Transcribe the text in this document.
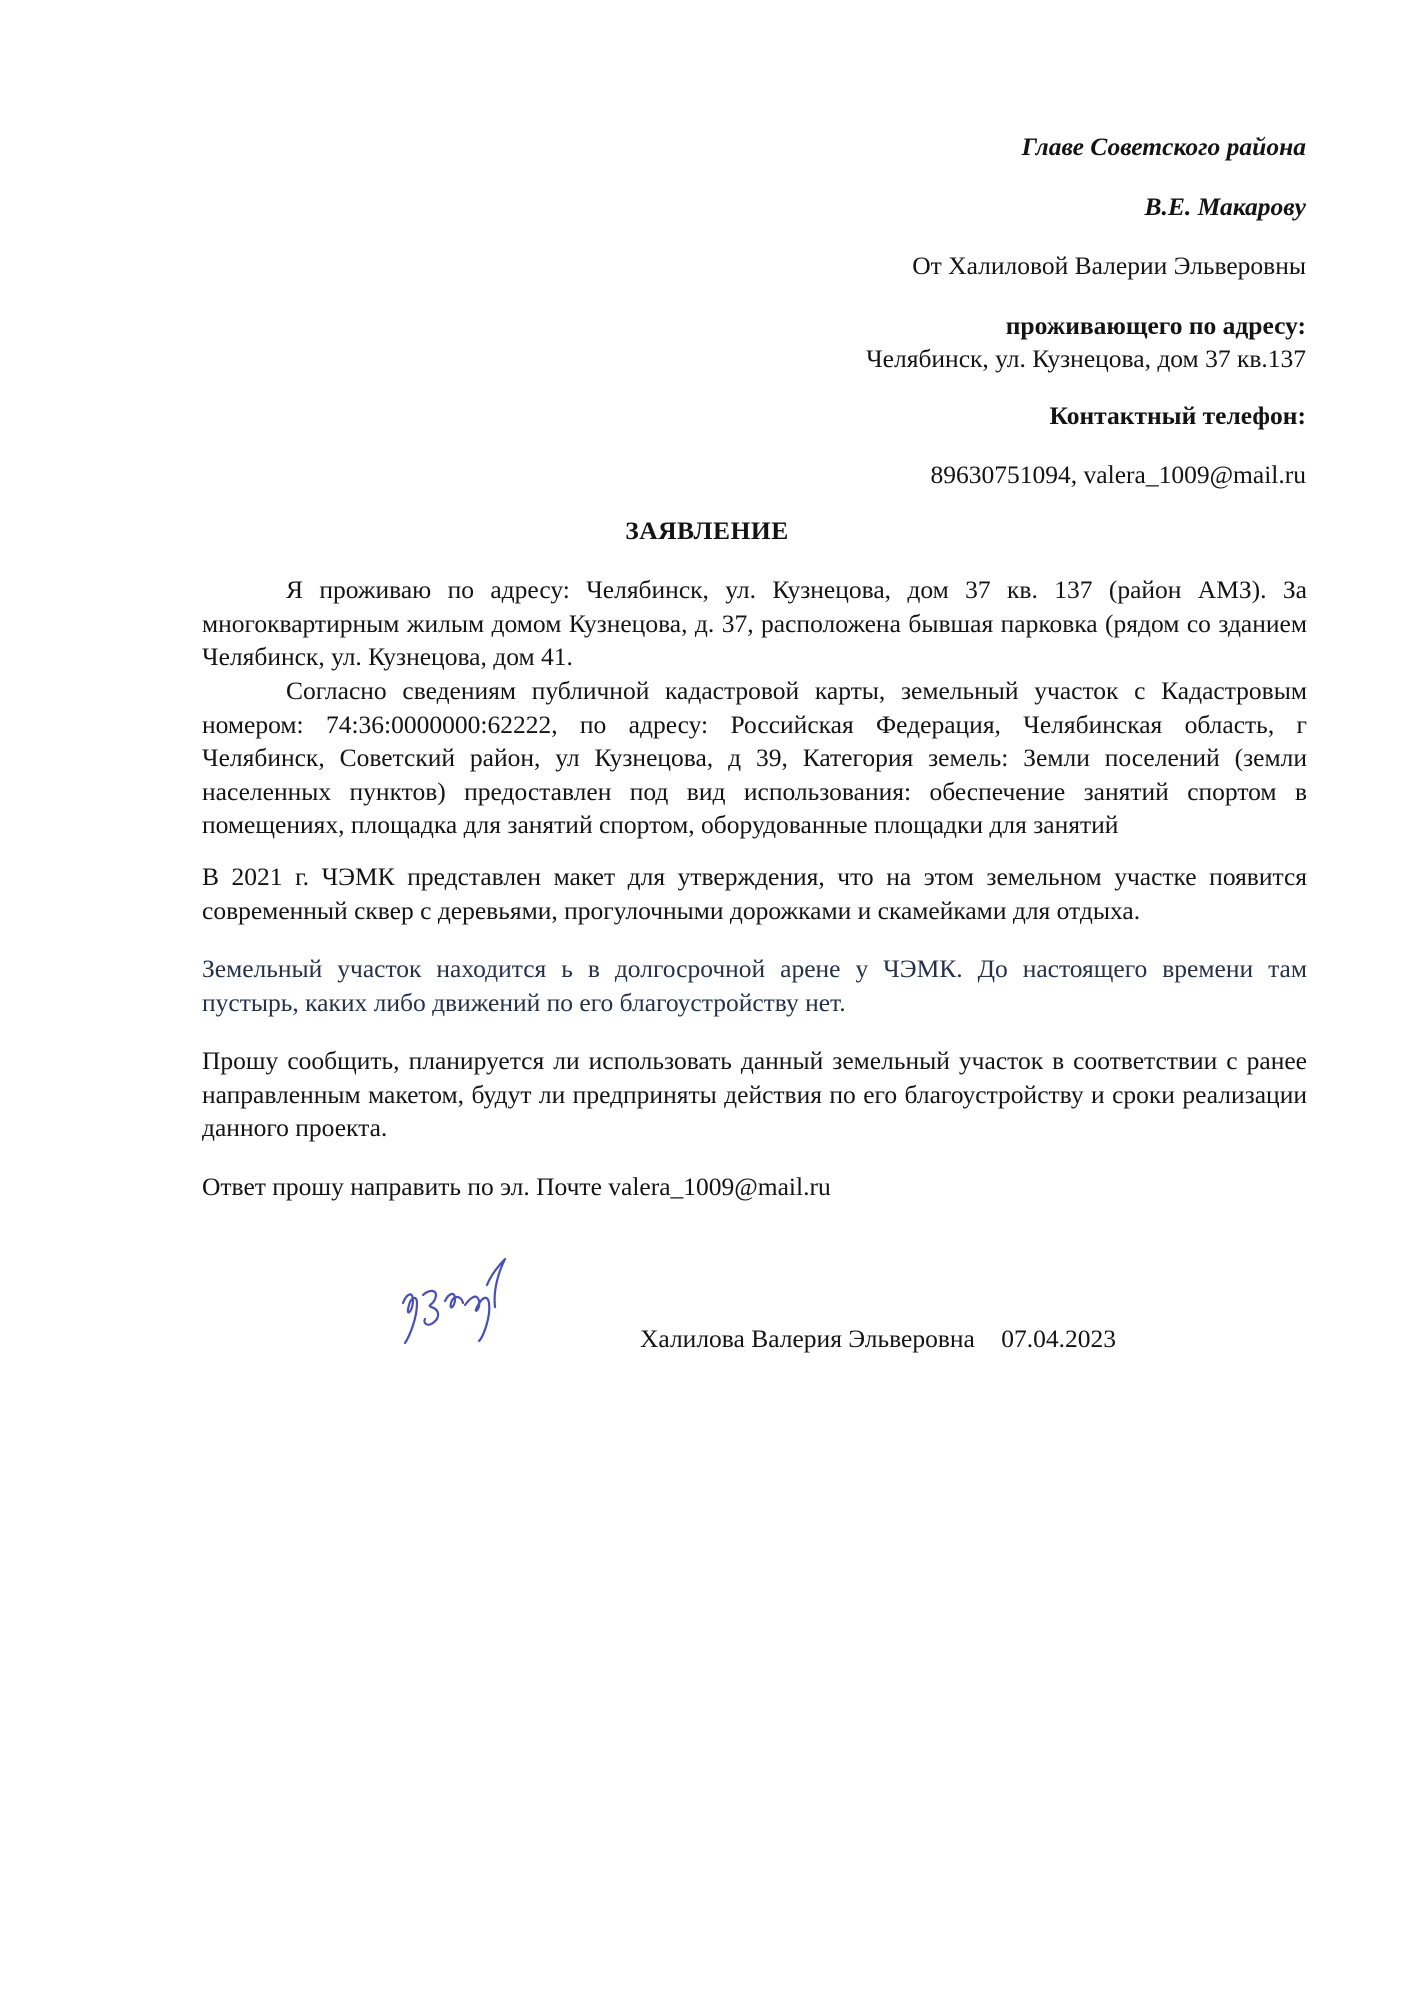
Главе Советского района
В.Е. Макарову
От Халиловой Валерии Эльверовны
проживающего по адресу:
Челябинск, ул. Кузнецова, дом 37 кв.137
Контактный телефон:
89630751094, valera_1009@mail.ru
ЗАЯВЛЕНИЕ

Я проживаю по адресу: Челябинск, ул. Кузнецова, дом 37 кв. 137 (район АМЗ). За многоквартирным жилым домом Кузнецова, д. 37, расположена бывшая парковка (рядом со зданием Челябинск, ул. Кузнецова, дом 41.

Согласно сведениям публичной кадастровой карты, земельный участок с Кадастровым номером: 74:36:0000000:62222, по адресу: Российская Федерация, Челябинская область, г Челябинск, Советский район, ул Кузнецова, д 39, Категория земель: Земли поселений (земли населенных пунктов) предоставлен под вид использования: обеспечение занятий спортом в помещениях, площадка для занятий спортом, оборудованные площадки для занятий

В 2021 г. ЧЭМК представлен макет для утверждения, что на этом земельном участке появится современный сквер с деревьями, прогулочными дорожками и скамейками для отдыха.

Земельный участок находится ь в долгосрочной арене у ЧЭМК. До настоящего времени там пустырь, каких либо движений по его благоустройству нет.

Прошу сообщить, планируется ли использовать данный земельный участок в соответствии с ранее направленным макетом, будут ли предприняты действия по его благоустройству и сроки реализации данного проекта.

Ответ прошу направить по эл. Почте valera_1009@mail.ru

Халилова Валерия Эльверовна 07.04.2023
